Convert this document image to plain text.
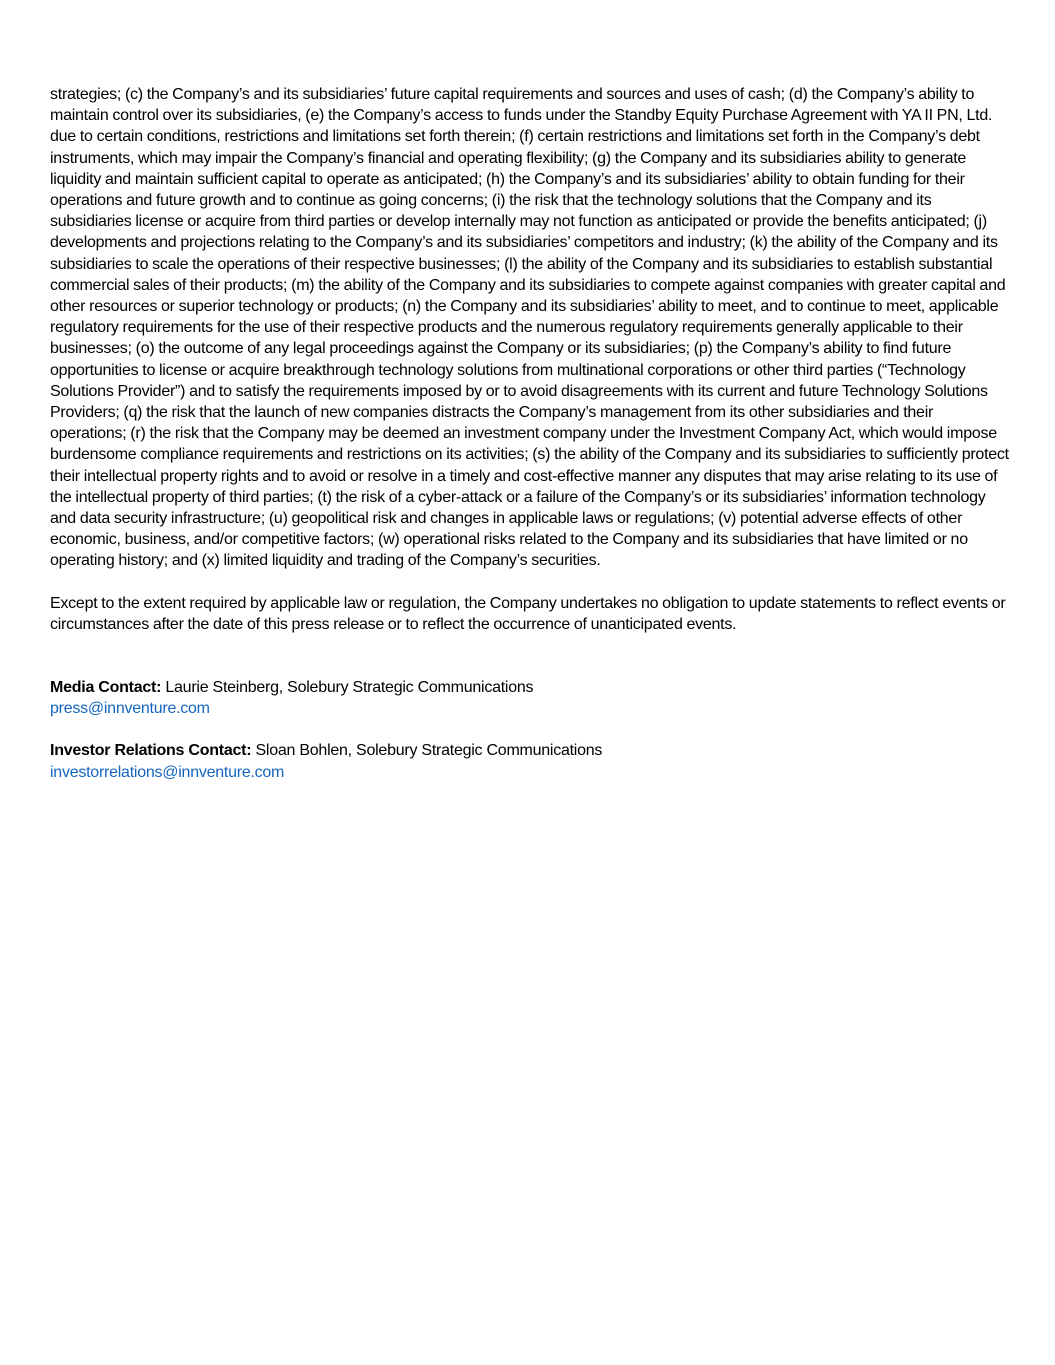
strategies; (c) the Company’s and its subsidiaries’ future capital requirements and sources and uses of cash; (d) the Company’s ability to maintain control over its subsidiaries, (e) the Company’s access to funds under the Standby Equity Purchase Agreement with YA II PN, Ltd. due to certain conditions, restrictions and limitations set forth therein; (f) certain restrictions and limitations set forth in the Company’s debt instruments, which may impair the Company’s financial and operating flexibility; (g) the Company and its subsidiaries ability to generate liquidity and maintain sufficient capital to operate as anticipated; (h) the Company’s and its subsidiaries’ ability to obtain funding for their operations and future growth and to continue as going concerns; (i) the risk that the technology solutions that the Company and its subsidiaries license or acquire from third parties or develop internally may not function as anticipated or provide the benefits anticipated; (j) developments and projections relating to the Company’s and its subsidiaries’ competitors and industry; (k) the ability of the Company and its subsidiaries to scale the operations of their respective businesses; (l) the ability of the Company and its subsidiaries to establish substantial commercial sales of their products; (m) the ability of the Company and its subsidiaries to compete against companies with greater capital and other resources or superior technology or products; (n) the Company and its subsidiaries’ ability to meet, and to continue to meet, applicable regulatory requirements for the use of their respective products and the numerous regulatory requirements generally applicable to their businesses; (o) the outcome of any legal proceedings against the Company or its subsidiaries; (p) the Company’s ability to find future opportunities to license or acquire breakthrough technology solutions from multinational corporations or other third parties (“Technology Solutions Provider”) and to satisfy the requirements imposed by or to avoid disagreements with its current and future Technology Solutions Providers; (q) the risk that the launch of new companies distracts the Company’s management from its other subsidiaries and their operations; (r) the risk that the Company may be deemed an investment company under the Investment Company Act, which would impose burdensome compliance requirements and restrictions on its activities; (s) the ability of the Company and its subsidiaries to sufficiently protect their intellectual property rights and to avoid or resolve in a timely and cost-effective manner any disputes that may arise relating to its use of the intellectual property of third parties; (t) the risk of a cyber-attack or a failure of the Company’s or its subsidiaries’ information technology and data security infrastructure; (u) geopolitical risk and changes in applicable laws or regulations; (v) potential adverse effects of other economic, business, and/or competitive factors; (w) operational risks related to the Company and its subsidiaries that have limited or no operating history; and (x) limited liquidity and trading of the Company’s securities.

Except to the extent required by applicable law or regulation, the Company undertakes no obligation to update statements to reflect events or circumstances after the date of this press release or to reflect the occurrence of unanticipated events.

Media Contact: Laurie Steinberg, Solebury Strategic Communications
press@innventure.com
Investor Relations Contact: Sloan Bohlen, Solebury Strategic Communications
investorrelations@innventure.com
